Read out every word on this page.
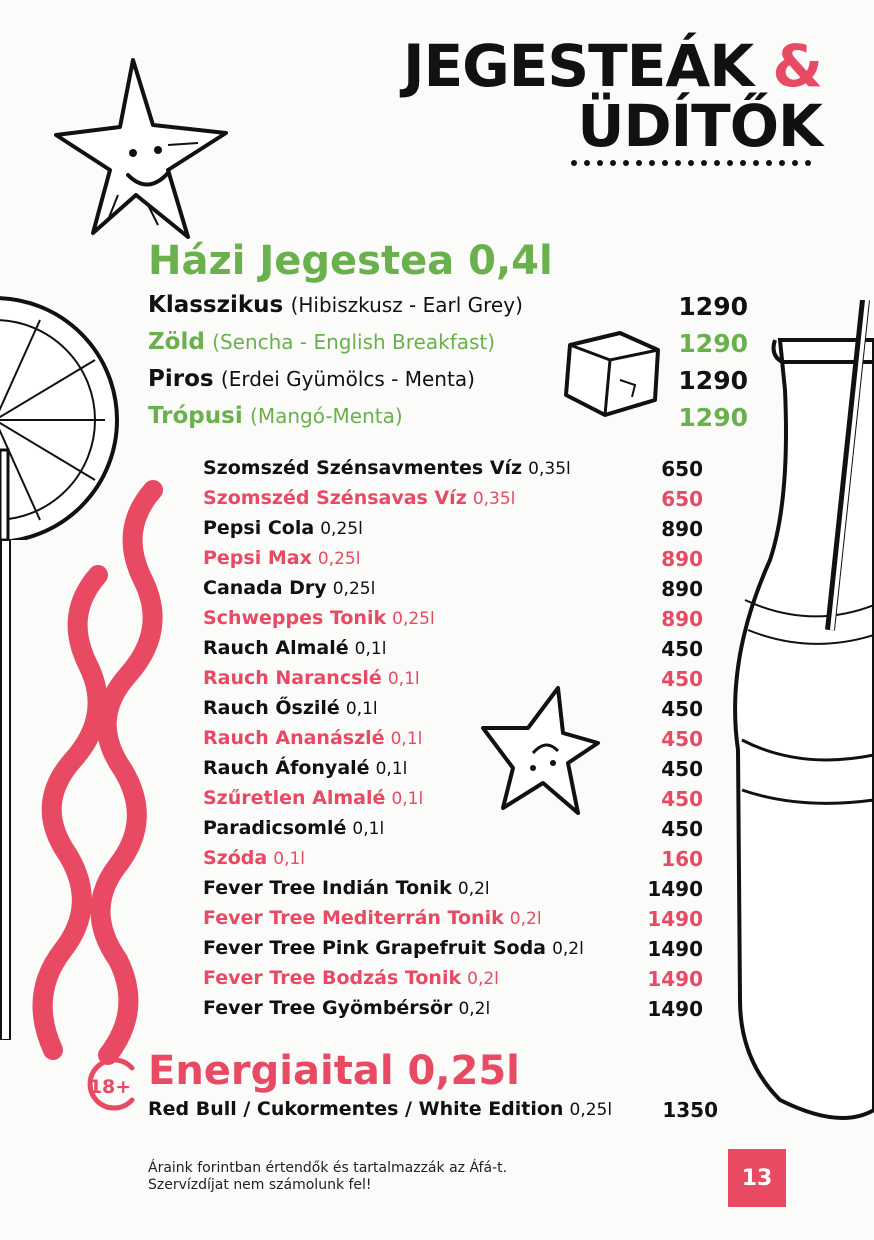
JEGESTEÁK &
ÜDÍTŐK
Házi Jegestea 0,4l
Klasszikus (Hibiszkusz - Earl Grey)	1290
Zöld (Sencha - English Breakfast)	1290
Piros (Erdei Gyümölcs - Menta)	1290
Trópusi (Mangó-Menta)	1290
Szomszéd Szénsavmentes Víz 0,35l	650
Szomszéd Szénsavas Víz 0,35l	650
Pepsi Cola 0,25l	890
Pepsi Max 0,25l	890
Canada Dry 0,25l	890
Schweppes Tonik 0,25l	890
Rauch Almalé 0,1l	450
Rauch Narancslé 0,1l	450
Rauch Őszilé 0,1l	450
Rauch Ananászlé 0,1l	450
Rauch Áfonyalé 0,1l	450
Szűretlen Almalé 0,1l	450
Paradicsomlé 0,1l	450
Szóda 0,1l	160
Fever Tree Indián Tonik 0,2l	1490
Fever Tree Mediterrán Tonik 0,2l	1490
Fever Tree Pink Grapefruit Soda 0,2l	1490
Fever Tree Bodzás Tonik 0,2l	1490
Fever Tree Gyömbérsör 0,2l	1490
18+ Energiaital 0,25l
Red Bull / Cukormentes / White Edition 0,25l	1350
Áraink forintban értendők és tartalmazzák az Áfá-t.
Szervízdíjat nem számolunk fel!	13
